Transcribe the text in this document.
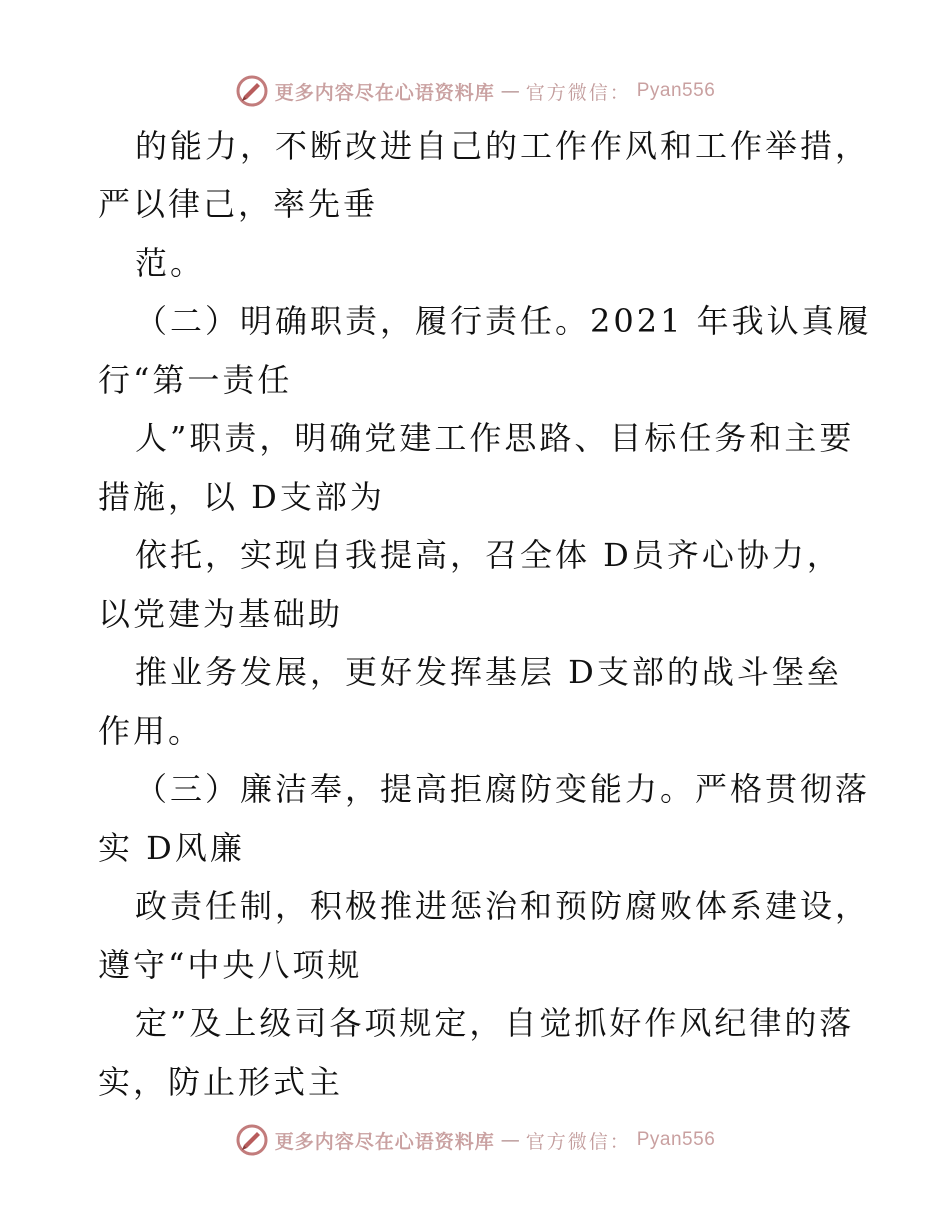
更多内容尽在心语资料库 — 官方微信： Pyan556
的能力，不断改进自己的工作作风和工作举措，
严以律己，率先垂
范。
（二）明确职责，履行责任。2021 年我认真履
行“第一责任
人”职责，明确党建工作思路、目标任务和主要
措施，以 D支部为
依托，实现自我提高，召全体 D员齐心协力，
以党建为基础助
推业务发展，更好发挥基层 D支部的战斗堡垒
作用。
（三）廉洁奉，提高拒腐防变能力。严格贯彻落
实 D风廉
政责任制，积极推进惩治和预防腐败体系建设，
遵守“中央八项规
定”及上级司各项规定，自觉抓好作风纪律的落
实，防止形式主
更多内容尽在心语资料库 — 官方微信： Pyan556
